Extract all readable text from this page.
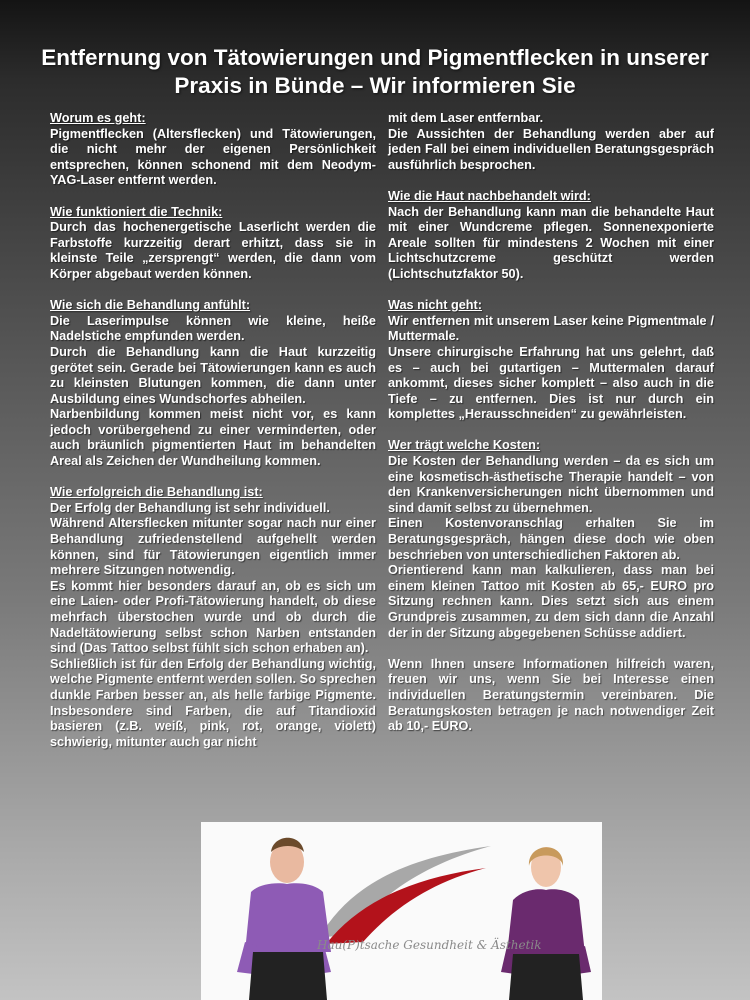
Entfernung von Tätowierungen und Pigmentflecken in unserer Praxis in Bünde – Wir informieren Sie

Worum es geht:

Pigmentflecken (Altersflecken) und Tätowierungen, die nicht mehr der eigenen Persönlichkeit entsprechen, können schonend mit dem Neodym-YAG-Laser entfernt werden.

Wie funktioniert die Technik:

Durch das hochenergetische Laserlicht werden die Farbstoffe kurzzeitig derart erhitzt, dass sie in kleinste Teile „zersprengt“ werden, die dann vom Körper abgebaut werden können.

Wie sich die Behandlung anfühlt:

Die Laserimpulse können wie kleine, heiße Nadelstiche empfunden werden.

Durch die Behandlung kann die Haut kurzzeitig gerötet sein. Gerade bei Tätowierungen kann es auch zu kleinsten Blutungen kommen, die dann unter Ausbildung eines Wundschorfes abheilen.

Narbenbildung kommen meist nicht vor, es kann jedoch vorübergehend zu einer verminderten, oder auch bräunlich pigmentierten Haut im behandelten Areal als Zeichen der Wundheilung kommen.

Wie erfolgreich die Behandlung ist:

Der Erfolg der Behandlung ist sehr individuell.

Während Altersflecken mitunter sogar nach nur einer Behandlung zufriedenstellend aufgehellt werden können, sind für Tätowierungen eigentlich immer mehrere Sitzungen notwendig.

Es kommt hier besonders darauf an, ob es sich um eine Laien- oder Profi-Tätowierung handelt, ob diese mehrfach überstochen wurde und ob durch die Nadeltätowierung selbst schon Narben entstanden sind (Das Tattoo selbst fühlt sich schon erhaben an).

Schließlich ist für den Erfolg der Behandlung wichtig, welche Pigmente entfernt werden sollen. So sprechen dunkle Farben besser an, als helle farbige Pigmente. Insbesondere sind Farben, die auf Titandioxid basieren (z.B. weiß, pink, rot, orange, violett) schwierig, mitunter auch gar nicht

mit dem Laser entfernbar.

Die Aussichten der Behandlung werden aber auf jeden Fall bei einem individuellen Beratungsgespräch ausführlich besprochen.

Wie die Haut nachbehandelt wird:

Nach der Behandlung kann man die behandelte Haut mit einer Wundcreme pflegen. Sonnenexponierte Areale sollten für mindestens 2 Wochen mit einer Lichtschutzcreme geschützt werden (Lichtschutzfaktor 50).

Was nicht geht:

Wir entfernen mit unserem Laser keine Pigmentmale / Muttermale.

Unsere chirurgische Erfahrung hat uns gelehrt, daß es – auch bei gutartigen – Muttermalen darauf ankommt, dieses sicher komplett – also auch in die Tiefe – zu entfernen. Dies ist nur durch ein komplettes „Herausschneiden“ zu gewährleisten.

Wer trägt welche Kosten:

Die Kosten der Behandlung werden – da es sich um eine kosmetisch-ästhetische Therapie handelt – von den Krankenversicherungen nicht übernommen und sind damit selbst zu übernehmen.

Einen Kostenvoranschlag erhalten Sie im Beratungsgespräch, hängen diese doch wie oben beschrieben von unterschiedlichen Faktoren ab.

Orientierend kann man kalkulieren, dass man bei einem kleinen Tattoo mit Kosten ab 65,- EURO pro Sitzung rechnen kann. Dies setzt sich aus einem Grundpreis zusammen, zu dem sich dann die Anzahl der in der Sitzung abgegebenen Schüsse addiert.

Wenn Ihnen unsere Informationen hilfreich waren, freuen wir uns, wenn Sie bei Interesse einen individuellen Beratungstermin vereinbaren. Die Beratungskosten betragen je nach notwendiger Zeit ab 10,- EURO.

Hau(P)tsache Gesundheit & Ästhetik
